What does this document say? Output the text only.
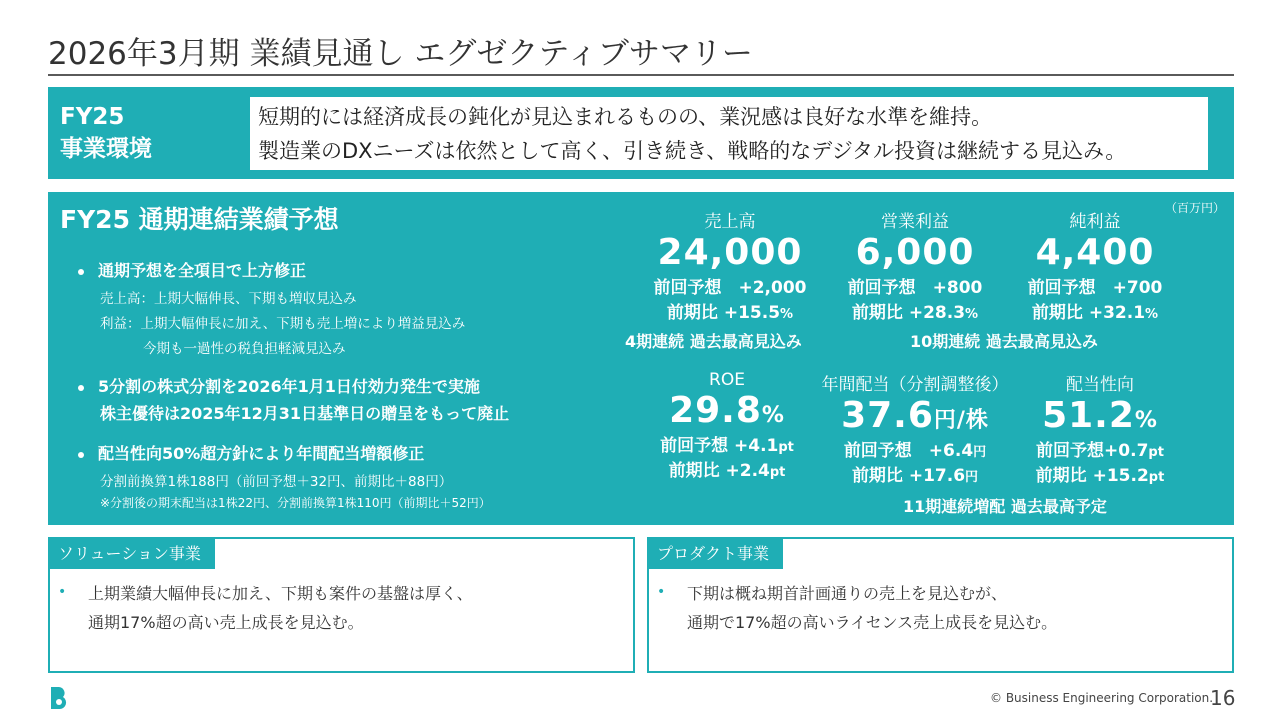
2026年3月期 業績見通し エグゼクティブサマリー
FY25
事業環境
短期的には経済成長の鈍化が見込まれるものの、業況感は良好な水準を維持。
製造業のDXニーズは依然として高く、引き続き、戦略的なデジタル投資は継続する見込み。
FY25 通期連結業績予想	（百万円）
通期予想を全項目で上方修正
売上高：上期大幅伸長、下期も増収見込み
利益：上期大幅伸長に加え、下期も売上増により増益見込み
今期も一過性の税負担軽減見込み
5分割の株式分割を2026年1月1日付効力発生で実施
株主優待は2025年12月31日基準日の贈呈をもって廃止
配当性向50%超方針により年間配当増額修正
分割前換算1株188円（前回予想＋32円、前期比＋88円）
※分割後の期末配当は1株22円、分割前換算1株110円（前期比＋52円）
売上高
24,000
前回予想　+2,000
前期比 +15.5%
営業利益
6,000
前回予想　+800
前期比 +28.3%
純利益
4,400
前回予想　+700
前期比 +32.1%
4期連続 過去最高見込み	10期連続 過去最高見込み
ROE
29.8%
前回予想 +4.1pt
前期比 +2.4pt
年間配当（分割調整後）
37.6円/株
前回予想　+6.4円
前期比 +17.6円
配当性向
51.2%
前回予想+0.7pt
前期比 +15.2pt
11期連続増配 過去最高予定
ソリューション事業
• 上期業績大幅伸長に加え、下期も案件の基盤は厚く、
通期17%超の高い売上成長を見込む。
プロダクト事業
• 下期は概ね期首計画通りの売上を見込むが、
通期で17%超の高いライセンス売上成長を見込む。
© Business Engineering Corporation.
16
